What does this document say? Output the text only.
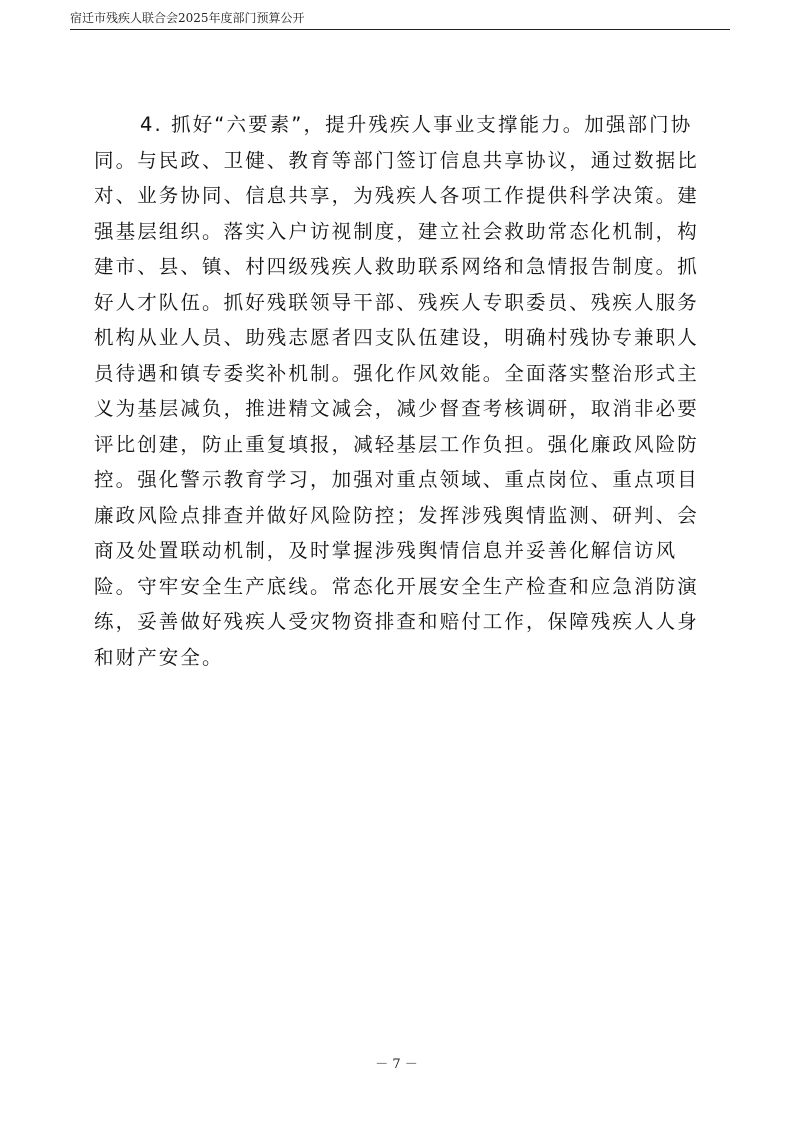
宿迁市残疾人联合会2025年度部门预算公开

4. 抓好“六要素”，提升残疾人事业支撑能力。加强部门协同。与民政、卫健、教育等部门签订信息共享协议，通过数据比对、业务协同、信息共享，为残疾人各项工作提供科学决策。建强基层组织。落实入户访视制度，建立社会救助常态化机制，构建市、县、镇、村四级残疾人救助联系网络和急情报告制度。抓好人才队伍。抓好残联领导干部、残疾人专职委员、残疾人服务机构从业人员、助残志愿者四支队伍建设，明确村残协专兼职人员待遇和镇专委奖补机制。强化作风效能。全面落实整治形式主义为基层减负，推进精文减会，减少督查考核调研，取消非必要评比创建，防止重复填报，减轻基层工作负担。强化廉政风险防控。强化警示教育学习，加强对重点领域、重点岗位、重点项目廉政风险点排查并做好风险防控；发挥涉残舆情监测、研判、会商及处置联动机制，及时掌握涉残舆情信息并妥善化解信访风险。守牢安全生产底线。常态化开展安全生产检查和应急消防演练，妥善做好残疾人受灾物资排查和赔付工作，保障残疾人人身和财产安全。

－ 7 －
